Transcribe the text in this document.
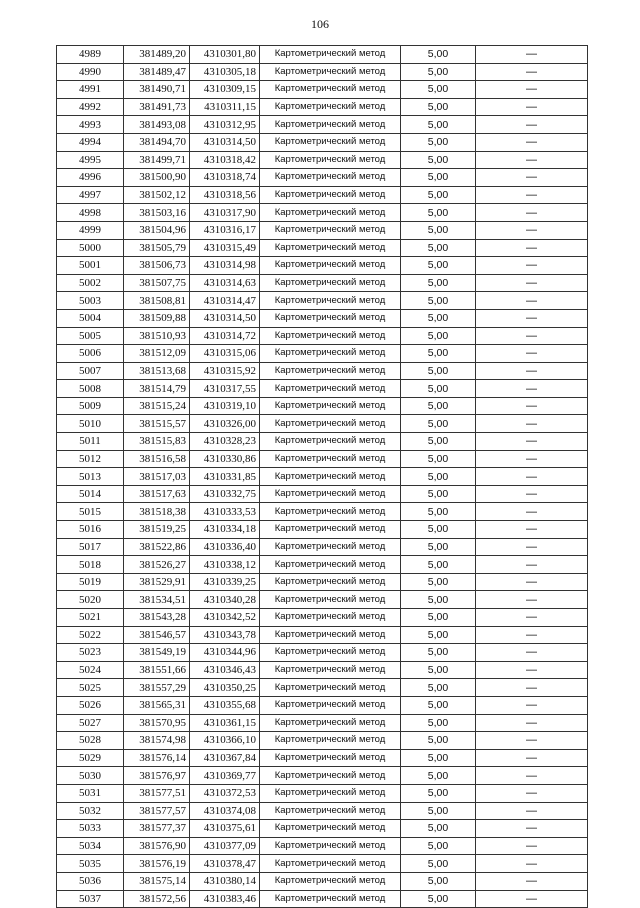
106
4989	381489,20	4310301,80	Картометрический метод	5,00	—
4990	381489,47	4310305,18	Картометрический метод	5,00	—
4991	381490,71	4310309,15	Картометрический метод	5,00	—
4992	381491,73	4310311,15	Картометрический метод	5,00	—
4993	381493,08	4310312,95	Картометрический метод	5,00	—
4994	381494,70	4310314,50	Картометрический метод	5,00	—
4995	381499,71	4310318,42	Картометрический метод	5,00	—
4996	381500,90	4310318,74	Картометрический метод	5,00	—
4997	381502,12	4310318,56	Картометрический метод	5,00	—
4998	381503,16	4310317,90	Картометрический метод	5,00	—
4999	381504,96	4310316,17	Картометрический метод	5,00	—
5000	381505,79	4310315,49	Картометрический метод	5,00	—
5001	381506,73	4310314,98	Картометрический метод	5,00	—
5002	381507,75	4310314,63	Картометрический метод	5,00	—
5003	381508,81	4310314,47	Картометрический метод	5,00	—
5004	381509,88	4310314,50	Картометрический метод	5,00	—
5005	381510,93	4310314,72	Картометрический метод	5,00	—
5006	381512,09	4310315,06	Картометрический метод	5,00	—
5007	381513,68	4310315,92	Картометрический метод	5,00	—
5008	381514,79	4310317,55	Картометрический метод	5,00	—
5009	381515,24	4310319,10	Картометрический метод	5,00	—
5010	381515,57	4310326,00	Картометрический метод	5,00	—
5011	381515,83	4310328,23	Картометрический метод	5,00	—
5012	381516,58	4310330,86	Картометрический метод	5,00	—
5013	381517,03	4310331,85	Картометрический метод	5,00	—
5014	381517,63	4310332,75	Картометрический метод	5,00	—
5015	381518,38	4310333,53	Картометрический метод	5,00	—
5016	381519,25	4310334,18	Картометрический метод	5,00	—
5017	381522,86	4310336,40	Картометрический метод	5,00	—
5018	381526,27	4310338,12	Картометрический метод	5,00	—
5019	381529,91	4310339,25	Картометрический метод	5,00	—
5020	381534,51	4310340,28	Картометрический метод	5,00	—
5021	381543,28	4310342,52	Картометрический метод	5,00	—
5022	381546,57	4310343,78	Картометрический метод	5,00	—
5023	381549,19	4310344,96	Картометрический метод	5,00	—
5024	381551,66	4310346,43	Картометрический метод	5,00	—
5025	381557,29	4310350,25	Картометрический метод	5,00	—
5026	381565,31	4310355,68	Картометрический метод	5,00	—
5027	381570,95	4310361,15	Картометрический метод	5,00	—
5028	381574,98	4310366,10	Картометрический метод	5,00	—
5029	381576,14	4310367,84	Картометрический метод	5,00	—
5030	381576,97	4310369,77	Картометрический метод	5,00	—
5031	381577,51	4310372,53	Картометрический метод	5,00	—
5032	381577,57	4310374,08	Картометрический метод	5,00	—
5033	381577,37	4310375,61	Картометрический метод	5,00	—
5034	381576,90	4310377,09	Картометрический метод	5,00	—
5035	381576,19	4310378,47	Картометрический метод	5,00	—
5036	381575,14	4310380,14	Картометрический метод	5,00	—
5037	381572,56	4310383,46	Картометрический метод	5,00	—
